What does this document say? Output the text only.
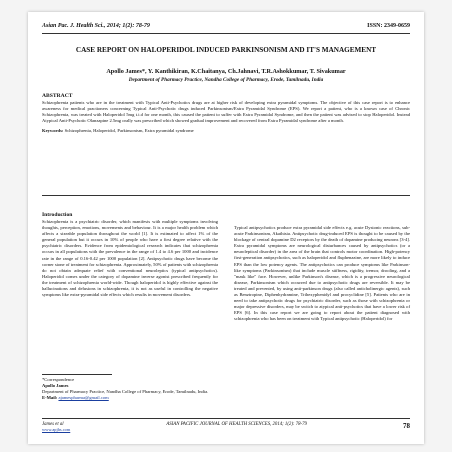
Asian Pac. J. Health Sci., 2014; 1(2): 78-79	ISSN: 2349-0659
CASE REPORT ON HALOPERIDOL INDUCED PARKINSONISM AND IT'S MANAGEMENT
Apollo James*, Y. Kanthikiran, K.Chaitanya, Ch.Jahnavi, T.R.Ashokkumar, T. Sivakumar
Department of Pharmacy Practice, Nandha College of Pharmacy, Erode, Tamilnadu, India
ABSTRACT
Schizophrenia patients who are in the treatment with Typical Anti-Psychotics drugs are at higher risk of developing extra pyramidal symptoms. The objective of this case report is to enhance awareness for medical practioners concerning Typical Anti-Psychotic drugs induced Parkinsonism/Extra Pyramidal Syndrome (EPS). We report a patient, who is a known case of Chronic Schizophrenia, was treated with Haloperidol 5mg t.i.d for one month, this caused the patient to suffer with Extra Pyramidal Syndrome, and then the patient was advised to stop Haloperidol. Instead Atypical Anti-Psychotic Olanzapine 2.5mg orally was prescribed which showed gradual improvement and recovered from Extra Pyramidal syndrome after a month.
Keywords: Schizophrenia, Haloperidol, Parkinsonism, Extra pyramidal syndrome
Introduction
Schizophrenia is a psychiatric disorder, which manifests with multiple symptoms involving thoughts, perception, emotions, movements and behaviour. It is a major health problem which affects a sizeable population throughout the world [1]. It is estimated to affect 1% of the general population but it occurs in 10% of people who have a first degree relative with the psychiatric disorders. Evidence from epidemiological research indicates that schizophrenia occurs in all populations with the prevalence in the range of 1.4 to 4.6 per 1000 and incidence rate in the range of 0.16-0.42 per 1000 population [2]. Antipsychotic drugs have become the corner stone of treatment for schizophrenia. Approximately, 50% of patients with schizophrenia do not obtain adequate relief with conventional neuroleptics (typical antipsychotics). Haloperidol comes under the category of dopamine inverse agonist prescribed frequently for the treatment of schizophrenia world-wide. Though haloperidol is highly effective against the hallucinations and delusions in schizophrenia, it is not as useful in controlling the negative symptoms like extra-pyramidal side effects which results in movement disorders.
*Correspondence
Apollo James
Department of Pharmacy Practice, Nandha College of Pharmacy, Erode, Tamilnadu, India.
E-Mail: ajamespharma@gmail.com
Typical antipsychotics produce extra pyramidal side effects e.g. acute Dystonic reactions, sub-acute Parkinsonism, Akathisia. Antipsychotic drug-induced EPS is thought to be caused by the blockage of central dopamine D2 receptors by the death of dopamine producing neurons [3-4]. Extra pyramidal symptoms are neurological disturbances caused by antipsychotics (or a neuroleptical disorder) in the area of the brain that controls motor coordination. High-potency first-generation antipsychotics, such as haloperidol and fluphenazine, are more likely to induce EPS than the low potency agents. The antipsychotics can produce symptoms like Parkinson-like symptoms (Parkinsonism) that include muscle stiffness, rigidity, tremor, drooling, and a "mask like" face. However, unlike Parkinson's disease, which is a progressive neurological disease, Parkinsonism which occurred due to antipsychotic drugs are reversible. It may be treated and prevented, by using anti-parkinson drugs (also called anticholinergic agents), such as Benztropine, Diphenhydramine, Trihexyphenidyl and procyclidine [5]. Patients who are in need to take antipsychotic drugs for psychiatric disorder, such as those with schizophrenia or major depressive disorders, may be switch to atypical anti-psychotics that have a lower risk of EPS [6]. In this case report we are going to report about the patient diagnosed with schizophrenia who has been on treatment with Typical antipsychotic (Haloperidol) for
James et al
www.apjhs.com
ASIAN PACIFIC JOURNAL OF HEALTH SCIENCES, 2014; 1(2): 78-79	78
